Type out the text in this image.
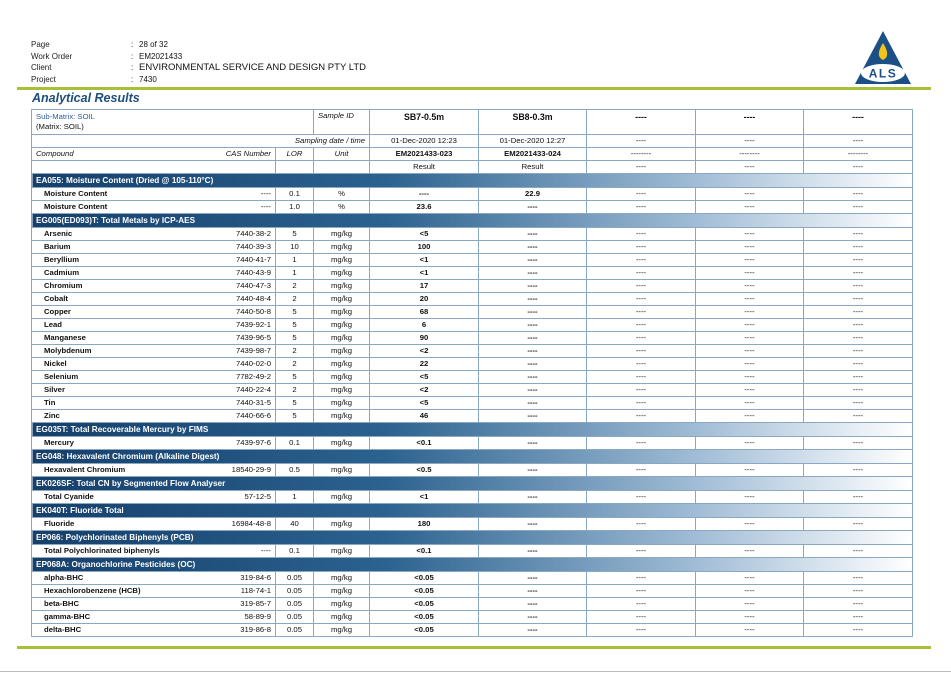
Page	: 28 of 32
Work Order	: EM2021433
Client	: ENVIRONMENTAL SERVICE AND DESIGN PTY LTD
Project	: 7430	ALS
Analytical Results
Sub-Matrix: SOIL
(Matrix: SOIL)			Sample ID	SB7-0.5m	SB8-0.3m	----	----	----
Sampling date / time				01-Dec-2020 12:23	01-Dec-2020 12:27	----	----	----
Compound	CAS Number	LOR	Unit	EM2021433-023	EM2021433-024	--------	--------	--------
				Result	Result	----	----	----
EA055: Moisture Content (Dried @ 105-110°C)								
Moisture Content	----	0.1	%	----	22.9	----	----	----
Moisture Content	----	1.0	%	23.6	----	----	----	----
EG005(ED093)T: Total Metals by ICP-AES								
Arsenic	7440-38-2	5	mg/kg	<5	----	----	----	----
Barium	7440-39-3	10	mg/kg	100	----	----	----	----
Beryllium	7440-41-7	1	mg/kg	<1	----	----	----	----
Cadmium	7440-43-9	1	mg/kg	<1	----	----	----	----
Chromium	7440-47-3	2	mg/kg	17	----	----	----	----
Cobalt	7440-48-4	2	mg/kg	20	----	----	----	----
Copper	7440-50-8	5	mg/kg	68	----	----	----	----
Lead	7439-92-1	5	mg/kg	6	----	----	----	----
Manganese	7439-96-5	5	mg/kg	90	----	----	----	----
Molybdenum	7439-98-7	2	mg/kg	<2	----	----	----	----
Nickel	7440-02-0	2	mg/kg	22	----	----	----	----
Selenium	7782-49-2	5	mg/kg	<5	----	----	----	----
Silver	7440-22-4	2	mg/kg	<2	----	----	----	----
Tin	7440-31-5	5	mg/kg	<5	----	----	----	----
Zinc	7440-66-6	5	mg/kg	46	----	----	----	----
EG035T: Total Recoverable Mercury by FIMS								
Mercury	7439-97-6	0.1	mg/kg	<0.1	----	----	----	----
EG048: Hexavalent Chromium (Alkaline Digest)								
Hexavalent Chromium	18540-29-9	0.5	mg/kg	<0.5	----	----	----	----
EK026SF: Total CN by Segmented Flow Analyser								
Total Cyanide	57-12-5	1	mg/kg	<1	----	----	----	----
EK040T: Fluoride Total								
Fluoride	16984-48-8	40	mg/kg	180	----	----	----	----
EP066: Polychlorinated Biphenyls (PCB)								
Total Polychlorinated biphenyls	----	0.1	mg/kg	<0.1	----	----	----	----
EP068A: Organochlorine Pesticides (OC)								
alpha-BHC	319-84-6	0.05	mg/kg	<0.05	----	----	----	----
Hexachlorobenzene (HCB)	118-74-1	0.05	mg/kg	<0.05	----	----	----	----
beta-BHC	319-85-7	0.05	mg/kg	<0.05	----	----	----	----
gamma-BHC	58-89-9	0.05	mg/kg	<0.05	----	----	----	----
delta-BHC	319-86-8	0.05	mg/kg	<0.05	----	----	----	----
